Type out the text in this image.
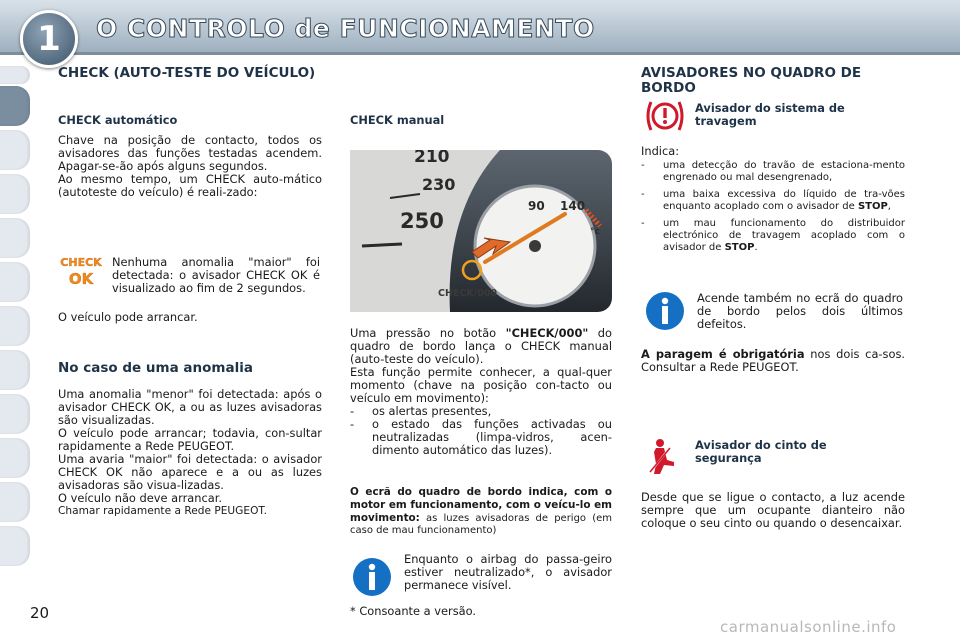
1	O CONTROLO de FUNCIONAMENTO
CHECK (AUTO-TESTE DO VEÍCULO)
CHECK automático

Chave na posição de contacto, todos os avisadores das funções testadas acendem. Apagar-se-ão após alguns segundos.

Ao mesmo tempo, um CHECK auto-mático (autoteste do veículo) é reali-zado:

CHECK
OK

Nenhuma anomalia "maior" foi detectada: o avisador CHECK OK é visualizado ao fim de 2 segundos.

O veículo pode arrancar.

No caso de uma anomalia

Uma anomalia "menor" foi detectada: após o avisador CHECK OK, a ou as luzes avisadoras são visualizadas.

O veículo pode arrancar; todavia, con-sultar rapidamente a Rede PEUGEOT.

Uma avaria "maior" foi detectada: o avisador CHECK OK não aparece e a ou as luzes avisadoras são visua-lizadas.

O veículo não deve arrancar.

Chamar rapidamente a Rede PEUGEOT.

CHECK manual
210
230
250
90 140
°c
CHECK/000

Uma pressão no botão "CHECK/000" do quadro de bordo lança o CHECK manual (auto-teste do veículo).

Esta função permite conhecer, a qual-quer momento (chave na posição con-tacto ou veículo em movimento):

- os alertas presentes,
- o estado das funções activadas ou neutralizadas (limpa-vidros, acen-dimento automático das luzes).

O ecrã do quadro de bordo indica, com o motor em funcionamento, com o veícu-lo em movimento: as luzes avisadoras de perigo (em caso de mau funcionamento)

Enquanto o airbag do passa-geiro estiver neutralizado*, o avisador permanece visível.

* Consoante a versão.

AVISADORES NO QUADRO DE BORDO
Avisador do sistema de travagem

Indica:

- uma detecção do travão de estaciona-mento engrenado ou mal desengrenado,
- uma baixa excessiva do líquido de tra-vões enquanto acoplado com o avisador de STOP,
- um mau funcionamento do distribuidor electrónico de travagem acoplado com o avisador de STOP.

Acende também no ecrã do quadro de bordo pelos dois últimos defeitos.

A paragem é obrigatória nos dois ca-sos. Consultar a Rede PEUGEOT.

Avisador do cinto de segurança

Desde que se ligue o contacto, a luz acende sempre que um ocupante dianteiro não coloque o seu cinto ou quando o desencaixar.

20
carmanualsonline.info
